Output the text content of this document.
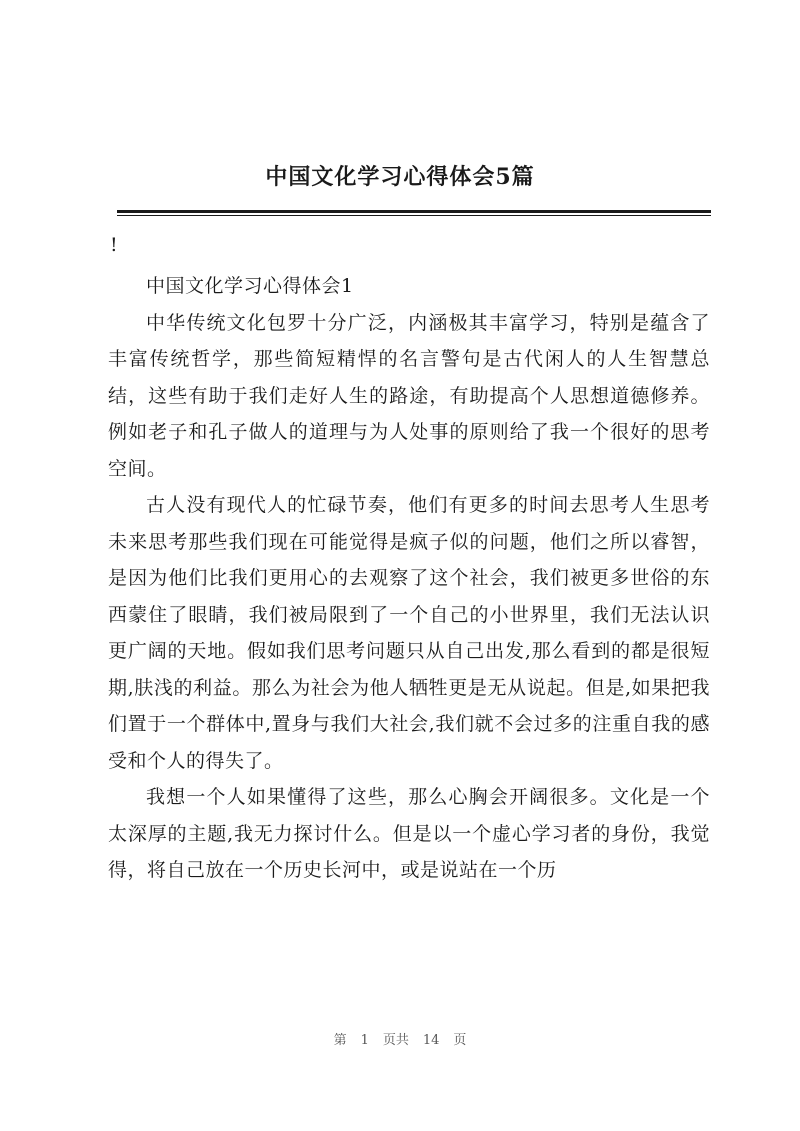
中国文化学习心得体会5篇
!

中国文化学习心得体会1

中华传统文化包罗十分广泛，内涵极其丰富学习，特别是蕴含了丰富传统哲学，那些简短精悍的名言警句是古代闲人的人生智慧总结，这些有助于我们走好人生的路途，有助提高个人思想道德修养。例如老子和孔子做人的道理与为人处事的原则给了我一个很好的思考空间。

古人没有现代人的忙碌节奏，他们有更多的时间去思考人生思考未来思考那些我们现在可能觉得是疯子似的问题，他们之所以睿智，是因为他们比我们更用心的去观察了这个社会，我们被更多世俗的东西蒙住了眼睛，我们被局限到了一个自己的小世界里，我们无法认识更广阔的天地。假如我们思考问题只从自己出发,那么看到的都是很短期,肤浅的利益。那么为社会为他人牺牲更是无从说起。但是,如果把我们置于一个群体中,置身与我们大社会,我们就不会过多的注重自我的感受和个人的得失了。

我想一个人如果懂得了这些，那么心胸会开阔很多。文化是一个太深厚的主题,我无力探讨什么。但是以一个虚心学习者的身份，我觉得，将自己放在一个历史长河中，或是说站在一个历

第 1 页共 14 页
